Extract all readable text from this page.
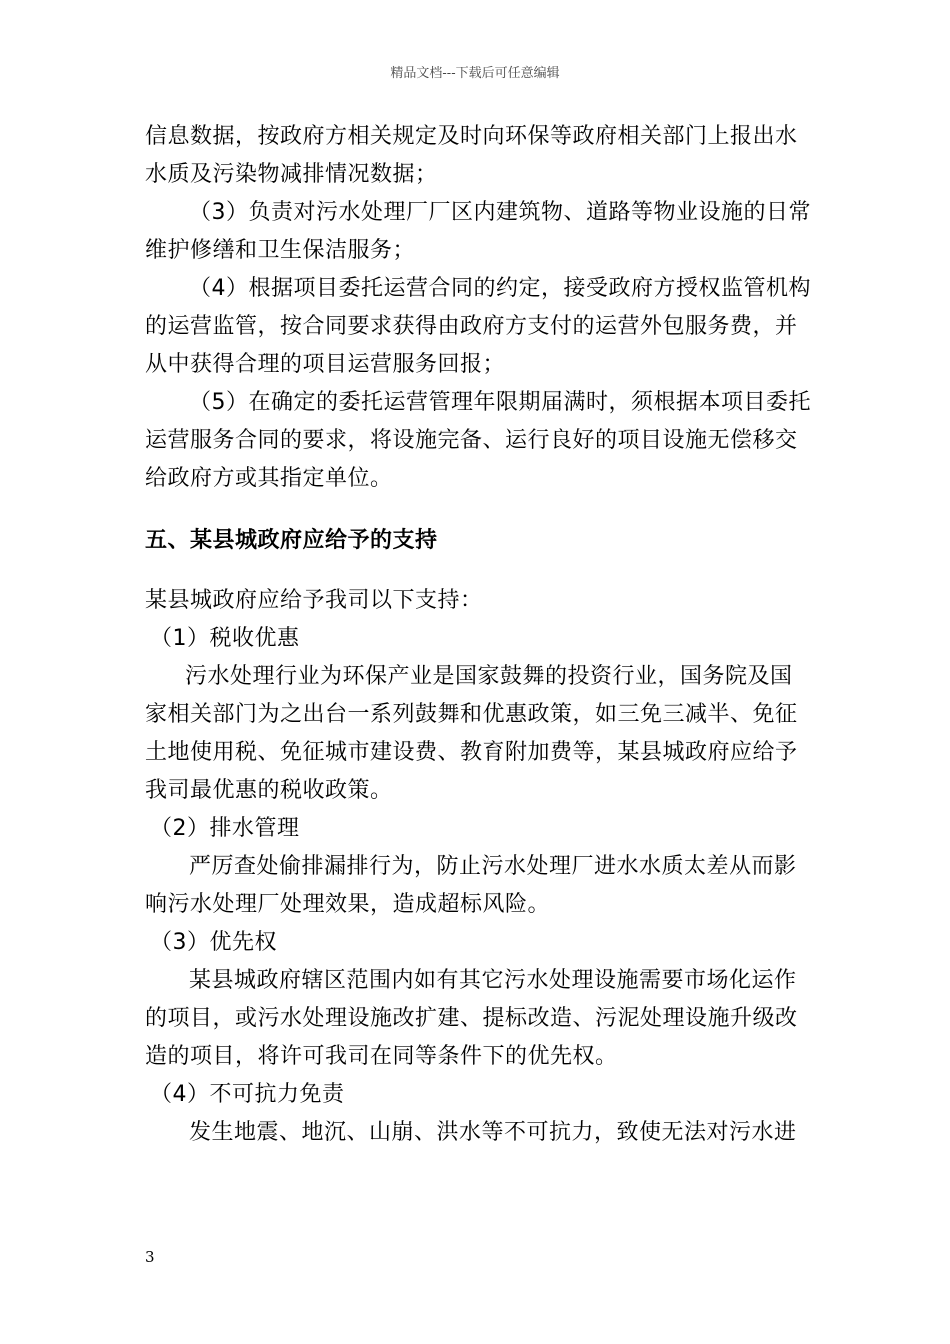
精品文档---下载后可任意编辑
信息数据，按政府方相关规定及时向环保等政府相关部门上报出水
水质及污染物减排情况数据；
（3）负责对污水处理厂厂区内建筑物、道路等物业设施的日常
维护修缮和卫生保洁服务；
（4）根据项目委托运营合同的约定，接受政府方授权监管机构
的运营监管，按合同要求获得由政府方支付的运营外包服务费，并
从中获得合理的项目运营服务回报；
（5）在确定的委托运营管理年限期届满时，须根据本项目委托
运营服务合同的要求，将设施完备、运行良好的项目设施无偿移交
给政府方或其指定单位。
五、某县城政府应给予的支持
某县城政府应给予我司以下支持：
（1）税收优惠
污水处理行业为环保产业是国家鼓舞的投资行业，国务院及国
家相关部门为之出台一系列鼓舞和优惠政策，如三免三减半、免征
土地使用税、免征城市建设费、教育附加费等，某县城政府应给予
我司最优惠的税收政策。
（2）排水管理
严厉查处偷排漏排行为，防止污水处理厂进水水质太差从而影
响污水处理厂处理效果，造成超标风险。
（3）优先权
某县城政府辖区范围内如有其它污水处理设施需要市场化运作
的项目，或污水处理设施改扩建、提标改造、污泥处理设施升级改
造的项目，将许可我司在同等条件下的优先权。
（4）不可抗力免责
发生地震、地沉、山崩、洪水等不可抗力，致使无法对污水进
3
